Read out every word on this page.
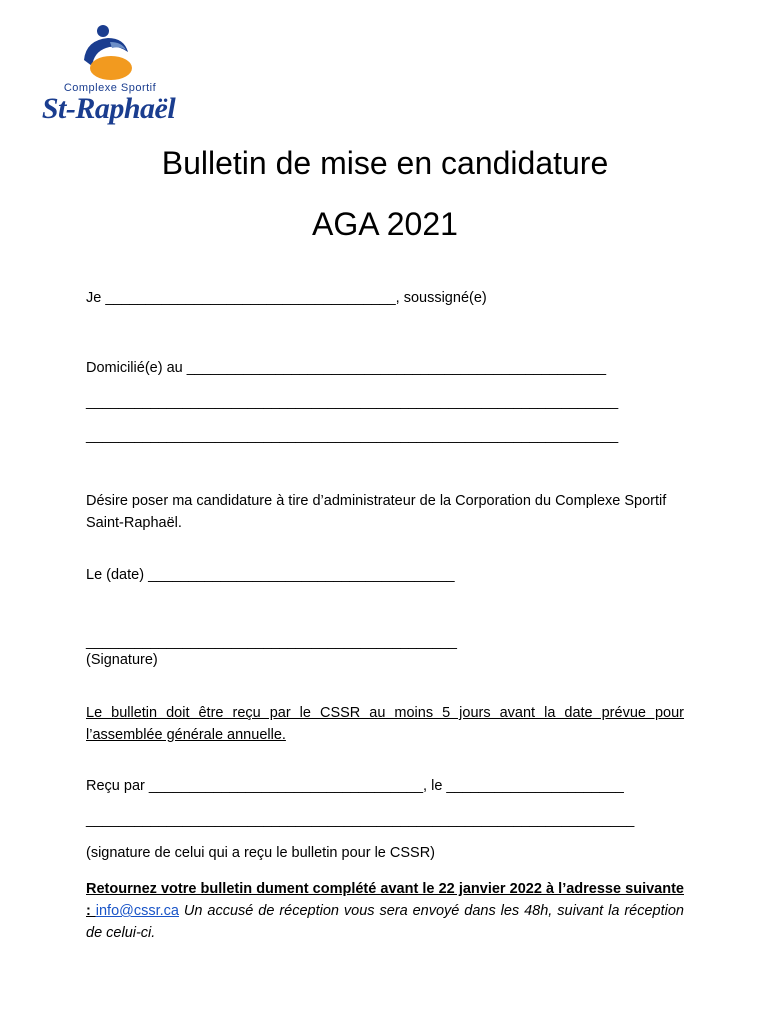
Complexe Sportif
St-Raphaël
Bulletin de mise en candidature
AGA 2021
Je ____________________________________, soussigné(e)
Domicilié(e) au ____________________________________________________
__________________________________________________________________
__________________________________________________________________
Désire poser ma candidature à tire d’administrateur de la Corporation du Complexe Sportif Saint-Raphaël.
Le (date) ______________________________________
______________________________________________
(Signature)
Le bulletin doit être reçu par le CSSR au moins 5 jours avant la date prévue pour l’assemblée générale annuelle.
Reçu par __________________________________, le ______________________
____________________________________________________________________
(signature de celui qui a reçu le bulletin pour le CSSR)
Retournez votre bulletin dument complété avant le 22 janvier 2022 à l’adresse suivante : info@cssr.ca Un accusé de réception vous sera envoyé dans les 48h, suivant la réception de celui-ci.
